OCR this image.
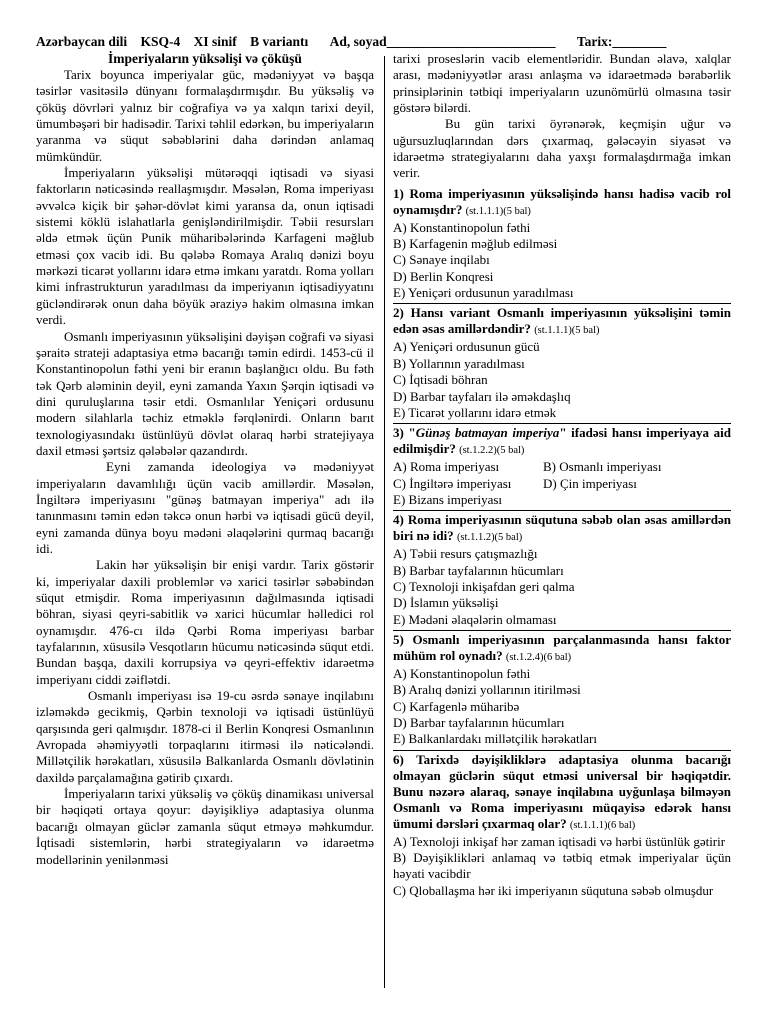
Azərbaycan dili KSQ-4 XI sinif B variantı Ad, soyad_________________________ Tarix:________
İmperiyaların yüksəlişi və çöküşü

Tarix boyunca imperiyalar güc, mədəniyyət və başqa təsirlər vasitəsilə dünyanı formalaşdırmışdır. Bu yüksəliş və çöküş dövrləri yalnız bir coğrafiya və ya xalqın tarixi deyil, ümumbəşəri bir hadisədir. Tarixi təhlil edərkən, bu imperiyaların yaranma və süqut səbəblərini daha dərindən anlamaq mümkündür.

İmperiyaların yüksəlişi mütərəqqi iqtisadi və siyasi faktorların nəticəsində reallaşmışdır. Məsələn, Roma imperiyası əvvəlcə kiçik bir şəhər-dövlət kimi yaransa da, onun iqtisadi sistemi köklü islahatlarla genişləndirilmişdir. Təbii resursları əldə etmək üçün Punik müharibələrində Karfageni məğlub etməsi çox vacib idi. Bu qələbə Romaya Aralıq dənizi boyu mərkəzi ticarət yollarını idarə etmə imkanı yaratdı. Roma yolları kimi infrastrukturun yaradılması da imperiyanın iqtisadiyyatını gücləndirərək onun daha böyük əraziyə hakim olmasına imkan verdi.

Osmanlı imperiyasının yüksəlişini dəyişən coğrafi və siyasi şəraitə strateji adaptasiya etmə bacarığı təmin edirdi. 1453-cü il Konstantinopolun fəthi yeni bir eranın başlanğıcı oldu. Bu fəth tək Qərb aləminin deyil, eyni zamanda Yaxın Şərqin iqtisadi və dini quruluşlarına təsir etdi. Osmanlılar Yeniçəri ordusunu modern silahlarla təchiz etməklə fərqlənirdi. Onların barıt texnologiyasındakı üstünlüyü dövlət olaraq hərbi stratejiyaya daxil etməsi şərtsiz qələbələr qazandırdı.

Eyni zamanda ideologiya və mədəniyyət imperiyaların davamlılığı üçün vacib amillərdir. Məsələn, İngiltərə imperiyasını "günəş batmayan imperiya" adı ilə tanınmasını təmin edən təkcə onun hərbi və iqtisadi gücü deyil, eyni zamanda dünya boyu mədəni əlaqələrini qurmaq bacarığı idi.

Lakin hər yüksəlişin bir enişi vardır. Tarix göstərir ki, imperiyalar daxili problemlər və xarici təsirlər səbəbindən süqut etmişdir. Roma imperiyasının dağılmasında iqtisadi böhran, siyasi qeyri-sabitlik və xarici hücumlar həlledici rol oynamışdır. 476-cı ildə Qərbi Roma imperiyası barbar tayfalarının, xüsusilə Vesqotların hücumu nəticəsində süqut etdi. Bundan başqa, daxili korrupsiya və qeyri-effektiv idarəetmə imperiyanı ciddi zəiflətdi.

Osmanlı imperiyası isə 19-cu əsrdə sənaye inqilabını izləməkdə gecikmiş, Qərbin texnoloji və iqtisadi üstünlüyü qarşısında geri qalmışdır. 1878-ci il Berlin Konqresi Osmanlının Avropada əhəmiyyətli torpaqlarını itirməsi ilə nəticələndi. Millətçilik hərəkatları, xüsusilə Balkanlarda Osmanlı dövlətinin daxildə parçalamağına gətirib çıxardı.

İmperiyaların tarixi yüksəliş və çöküş dinamikası universal bir həqiqəti ortaya qoyur: dəyişikliyə adaptasiya olunma bacarığı olmayan güclər zamanla süqut etməyə məhkumdur. İqtisadi sistemlərin, hərbi strategiyaların və idarəetmə modellərinin yenilənməsi

tarixi proseslərin vacib elementləridir. Bundan əlavə, xalqlar arası, mədəniyyətlər arası anlaşma və idarəetmədə bərabərlik prinsiplərinin tətbiqi imperiyaların uzunömürlü olmasına təsir göstərə bilərdi.

Bu gün tarixi öyrənərək, keçmişin uğur və uğursuzluqlarından dərs çıxarmaq, gələcəyin siyasət və idarəetmə strategiyalarını daha yaxşı formalaşdırmağa imkan verir.

1) Roma imperiyasının yüksəlişində hansı hadisə vacib rol oynamışdır? (st.1.1.1)(5 bal)
A) Konstantinopolun fəthi
B) Karfagenin məğlub edilməsi
C) Sənaye inqilabı
D) Berlin Konqresi
E) Yeniçəri ordusunun yaradılması
2) Hansı variant Osmanlı imperiyasının yüksəlişini təmin edən əsas amillərdəndir? (st.1.1.1)(5 bal)
A) Yeniçəri ordusunun gücü
B) Yollarının yaradılması
C) İqtisadi böhran
D) Barbar tayfaları ilə əməkdaşlıq
E) Ticarət yollarını idarə etmək
3) "Günəş batmayan imperiya" ifadəsi hansı imperiyaya aid edilmişdir? (st.1.2.2)(5 bal)
A) Roma imperiyası	B) Osmanlı imperiyası
C) İngiltərə imperiyası	D) Çin imperiyası
E) Bizans imperiyası
4) Roma imperiyasının süqutuna səbəb olan əsas amillərdən biri nə idi? (st.1.1.2)(5 bal)
A) Təbii resurs çatışmazlığı
B) Barbar tayfalarının hücumları
C) Texnoloji inkişafdan geri qalma
D) İslamın yüksəlişi
E) Mədəni əlaqələrin olmaması
5) Osmanlı imperiyasının parçalanmasında hansı faktor mühüm rol oynadı? (st.1.2.4)(6 bal)
A) Konstantinopolun fəthi
B) Aralıq dənizi yollarının itirilməsi
C) Karfagenlə müharibə
D) Barbar tayfalarının hücumları
E) Balkanlardakı millətçilik hərəkatları
6) Tarixdə dəyişikliklərə adaptasiya olunma bacarığı olmayan güclərin süqut etməsi universal bir həqiqətdir. Bunu nəzərə alaraq, sənaye inqilabına uyğunlaşa bilməyən Osmanlı və Roma imperiyasını müqayisə edərək hansı ümumi dərsləri çıxarmaq olar? (st.1.1.1)(6 bal)
A) Texnoloji inkişaf hər zaman iqtisadi və hərbi üstünlük gətirir
B) Dəyişiklikləri anlamaq və tətbiq etmək imperiyalar üçün həyati vacibdir
C) Qloballaşma hər iki imperiyanın süqutuna səbəb olmuşdur
